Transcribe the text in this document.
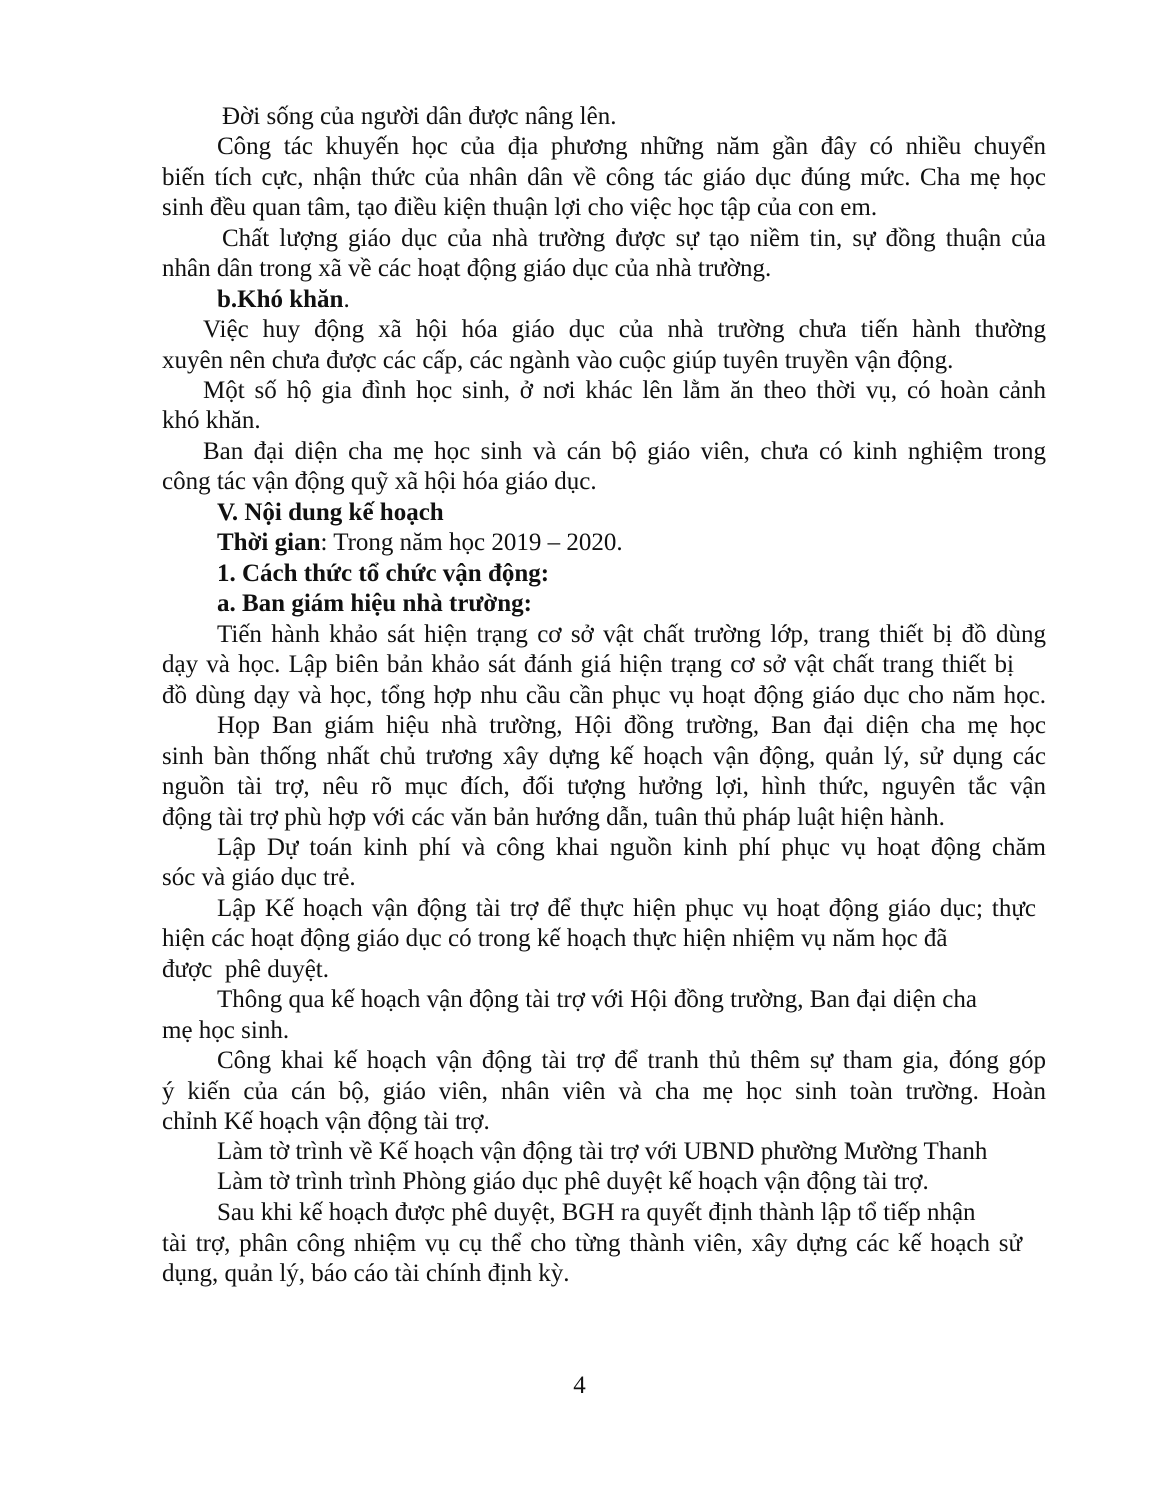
Đời sống của người dân được nâng lên.
Công tác khuyến học của địa phương những năm gần đây có nhiều chuyển
biến tích cực, nhận thức của nhân dân về công tác giáo dục đúng mức. Cha mẹ học
sinh đều quan tâm, tạo điều kiện thuận lợi cho việc học tập của con em.
Chất lượng giáo dục của nhà trường được sự tạo niềm tin, sự đồng thuận của
nhân dân trong xã về các hoạt động giáo dục của nhà trường.
b.Khó khăn.
Việc huy động xã hội hóa giáo dục của nhà trường chưa tiến hành thường
xuyên nên chưa được các cấp, các ngành vào cuộc giúp tuyên truyền vận động.
Một số hộ gia đình học sinh, ở nơi khác lên lằm ăn theo thời vụ, có hoàn cảnh
khó khăn.
Ban đại diện cha mẹ học sinh và cán bộ giáo viên, chưa có kinh nghiệm trong
công tác vận động quỹ xã hội hóa giáo dục.
V. Nội dung kế hoạch
Thời gian: Trong năm học 2019 – 2020.
1. Cách thức tổ chức vận động:
a. Ban giám hiệu nhà trường:
Tiến hành khảo sát hiện trạng cơ sở vật chất trường lớp, trang thiết bị đồ dùng
dạy và học. Lập biên bản khảo sát đánh giá hiện trạng cơ sở vật chất trang thiết bị
đồ dùng dạy và học, tổng hợp nhu cầu cần phục vụ hoạt động giáo dục cho năm học.
Họp Ban giám hiệu nhà trường, Hội đồng trường, Ban đại diện cha mẹ học
sinh bàn thống nhất chủ trương xây dựng kế hoạch vận động, quản lý, sử dụng các
nguồn tài trợ, nêu rõ mục đích, đối tượng hưởng lợi, hình thức, nguyên tắc vận
động tài trợ phù hợp với các văn bản hướng dẫn, tuân thủ pháp luật hiện hành.
Lập Dự toán kinh phí và công khai nguồn kinh phí phục vụ hoạt động chăm
sóc và giáo dục trẻ.
Lập Kế hoạch vận động tài trợ để thực hiện phục vụ hoạt động giáo dục; thực
hiện các hoạt động giáo dục có trong kế hoạch thực hiện nhiệm vụ năm học đã
được  phê duyệt.
Thông qua kế hoạch vận động tài trợ với Hội đồng trường, Ban đại diện cha
mẹ học sinh.
Công khai kế hoạch vận động tài trợ để tranh thủ thêm sự tham gia, đóng góp
ý kiến của cán bộ, giáo viên, nhân viên và cha mẹ học sinh toàn trường. Hoàn
chỉnh Kế hoạch vận động tài trợ.
Làm tờ trình về Kế hoạch vận động tài trợ với UBND phường Mường Thanh
Làm tờ trình trình Phòng giáo dục phê duyệt kế hoạch vận động tài trợ.
Sau khi kế hoạch được phê duyệt, BGH ra quyết định thành lập tổ tiếp nhận
tài trợ, phân công nhiệm vụ cụ thể cho từng thành viên, xây dựng các kế hoạch sử
dụng, quản lý, báo cáo tài chính định kỳ.
4
